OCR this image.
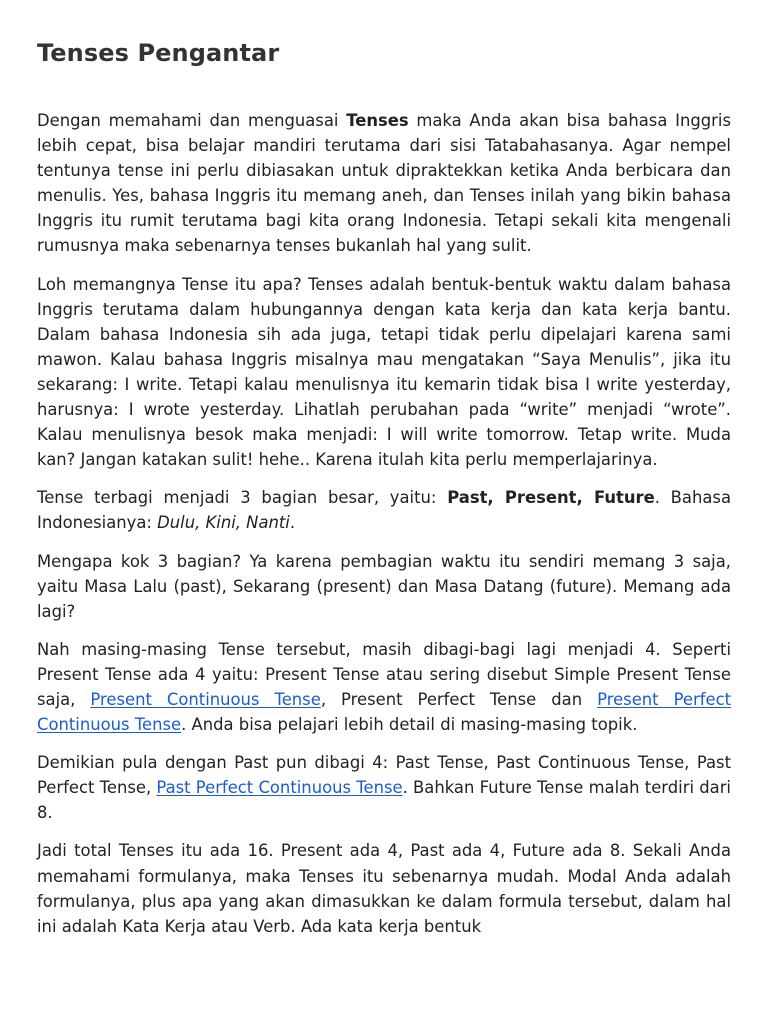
Tenses Pengantar

Dengan memahami dan menguasai Tenses maka Anda akan bisa bahasa Inggris lebih cepat, bisa belajar mandiri terutama dari sisi Tatabahasanya. Agar nempel tentunya tense ini perlu dibiasakan untuk dipraktekkan ketika Anda berbicara dan menulis. Yes, bahasa Inggris itu memang aneh, dan Tenses inilah yang bikin bahasa Inggris itu rumit terutama bagi kita orang Indonesia. Tetapi sekali kita mengenali rumusnya maka sebenarnya tenses bukanlah hal yang sulit.

Loh memangnya Tense itu apa? Tenses adalah bentuk-bentuk waktu dalam bahasa Inggris terutama dalam hubungannya dengan kata kerja dan kata kerja bantu. Dalam bahasa Indonesia sih ada juga, tetapi tidak perlu dipelajari karena sami mawon. Kalau bahasa Inggris misalnya mau mengatakan “Saya Menulis”, jika itu sekarang: I write. Tetapi kalau menulisnya itu kemarin tidak bisa I write yesterday, harusnya: I wrote yesterday. Lihatlah perubahan pada “write” menjadi “wrote”. Kalau menulisnya besok maka menjadi: I will write tomorrow. Tetap write. Muda kan? Jangan katakan sulit! hehe.. Karena itulah kita perlu memperlajarinya.

Tense terbagi menjadi 3 bagian besar, yaitu: Past, Present, Future. Bahasa Indonesianya: Dulu, Kini, Nanti.

Mengapa kok 3 bagian? Ya karena pembagian waktu itu sendiri memang 3 saja, yaitu Masa Lalu (past), Sekarang (present) dan Masa Datang (future). Memang ada lagi?

Nah masing-masing Tense tersebut, masih dibagi-bagi lagi menjadi 4. Seperti Present Tense ada 4 yaitu: Present Tense atau sering disebut Simple Present Tense saja, Present Continuous Tense, Present Perfect Tense dan Present Perfect Continuous Tense. Anda bisa pelajari lebih detail di masing-masing topik.

Demikian pula dengan Past pun dibagi 4: Past Tense, Past Continuous Tense, Past Perfect Tense, Past Perfect Continuous Tense. Bahkan Future Tense malah terdiri dari 8.

Jadi total Tenses itu ada 16. Present ada 4, Past ada 4, Future ada 8. Sekali Anda memahami formulanya, maka Tenses itu sebenarnya mudah. Modal Anda adalah formulanya, plus apa yang akan dimasukkan ke dalam formula tersebut, dalam hal ini adalah Kata Kerja atau Verb. Ada kata kerja bentuk
